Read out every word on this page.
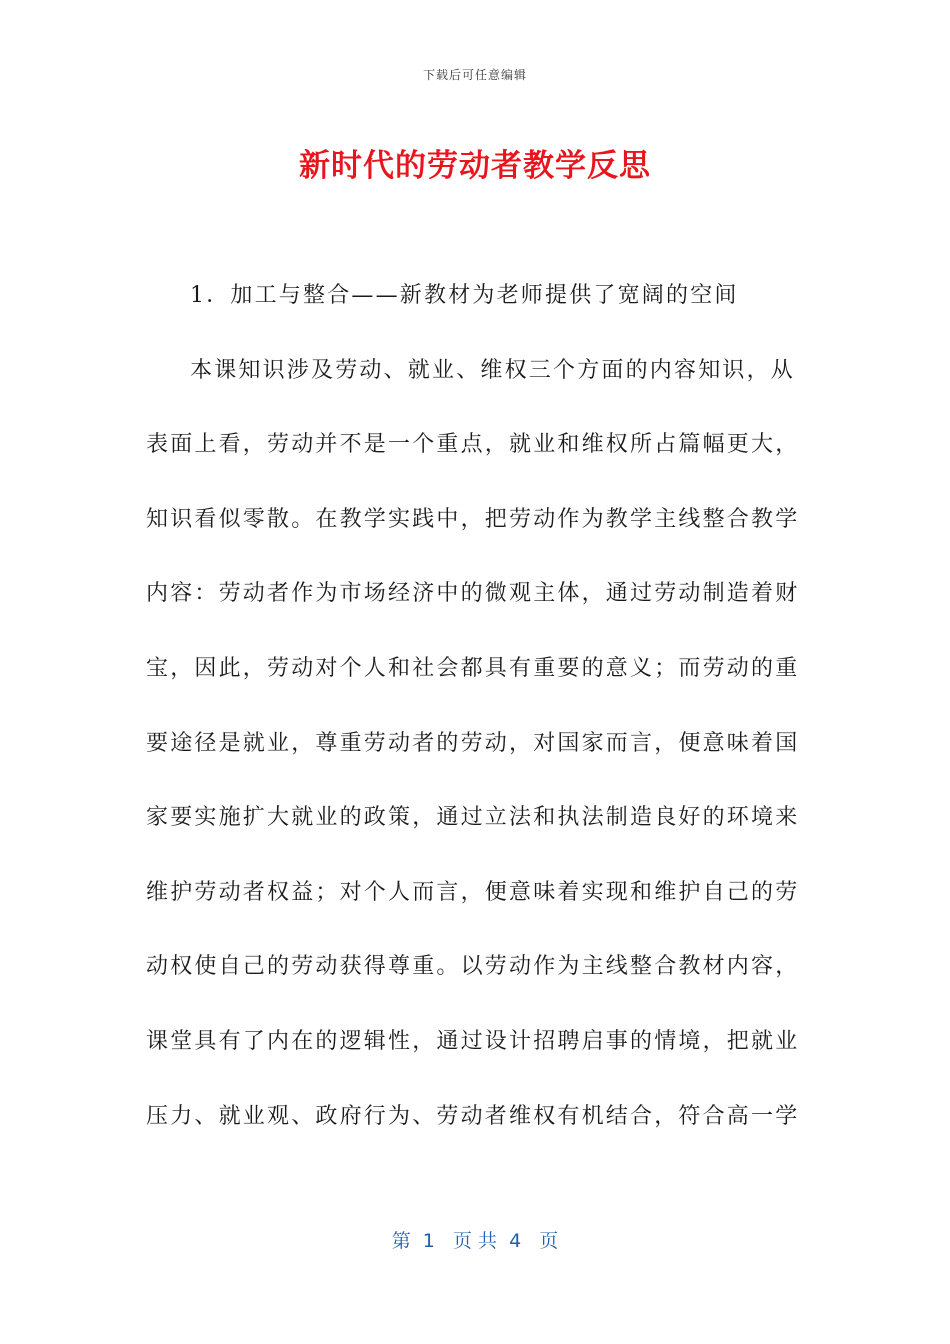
下载后可任意编辑
新时代的劳动者教学反思
1．加工与整合——新教材为老师提供了宽阔的空间
本课知识涉及劳动、就业、维权三个方面的内容知识，从
表面上看，劳动并不是一个重点，就业和维权所占篇幅更大，
知识看似零散。在教学实践中，把劳动作为教学主线整合教学
内容：劳动者作为市场经济中的微观主体，通过劳动制造着财
宝，因此，劳动对个人和社会都具有重要的意义；而劳动的重
要途径是就业，尊重劳动者的劳动，对国家而言，便意味着国
家要实施扩大就业的政策，通过立法和执法制造良好的环境来
维护劳动者权益；对个人而言，便意味着实现和维护自己的劳
动权使自己的劳动获得尊重。以劳动作为主线整合教材内容，
课堂具有了内在的逻辑性，通过设计招聘启事的情境，把就业
压力、就业观、政府行为、劳动者维权有机结合，符合高一学
第  1   页 共  4   页
